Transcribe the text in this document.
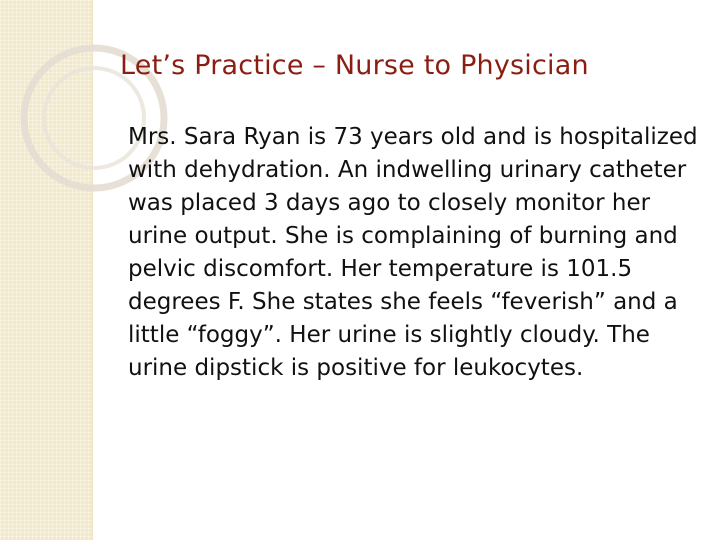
Let’s Practice – Nurse to Physician

Mrs. Sara Ryan is 73 years old and is hospitalized with dehydration. An indwelling urinary catheter was placed 3 days ago to closely monitor her urine output. She is complaining of burning and pelvic discomfort. Her temperature is 101.5 degrees F. She states she feels “feverish” and a little “foggy”. Her urine is slightly cloudy. The urine dipstick is positive for leukocytes.
